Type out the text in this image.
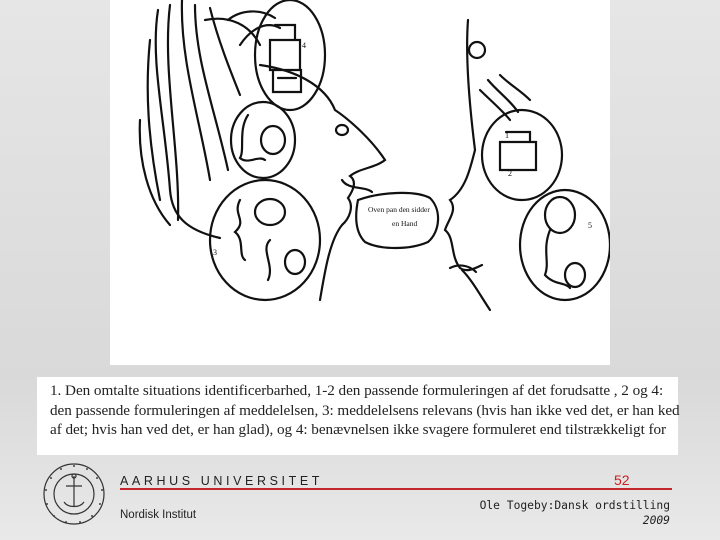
4
1
2
3
5
Oven pan den sidder
en Hand
1. Den omtalte situations identificerbarhed, 1-2 den passende formuleringen af det forudsatte , 2 og 4:
den passende formuleringen af meddelelsen, 3: meddelelsens relevans (hvis han ikke ved det, er han ked
af det; hvis han ved det, er han glad), og 4: benævnelsen ikke svagere formuleret end tilstrækkeligt for
AARHUS UNIVERSITET	52
Nordisk Institut
Ole Togeby:Dansk ordstilling
2009
